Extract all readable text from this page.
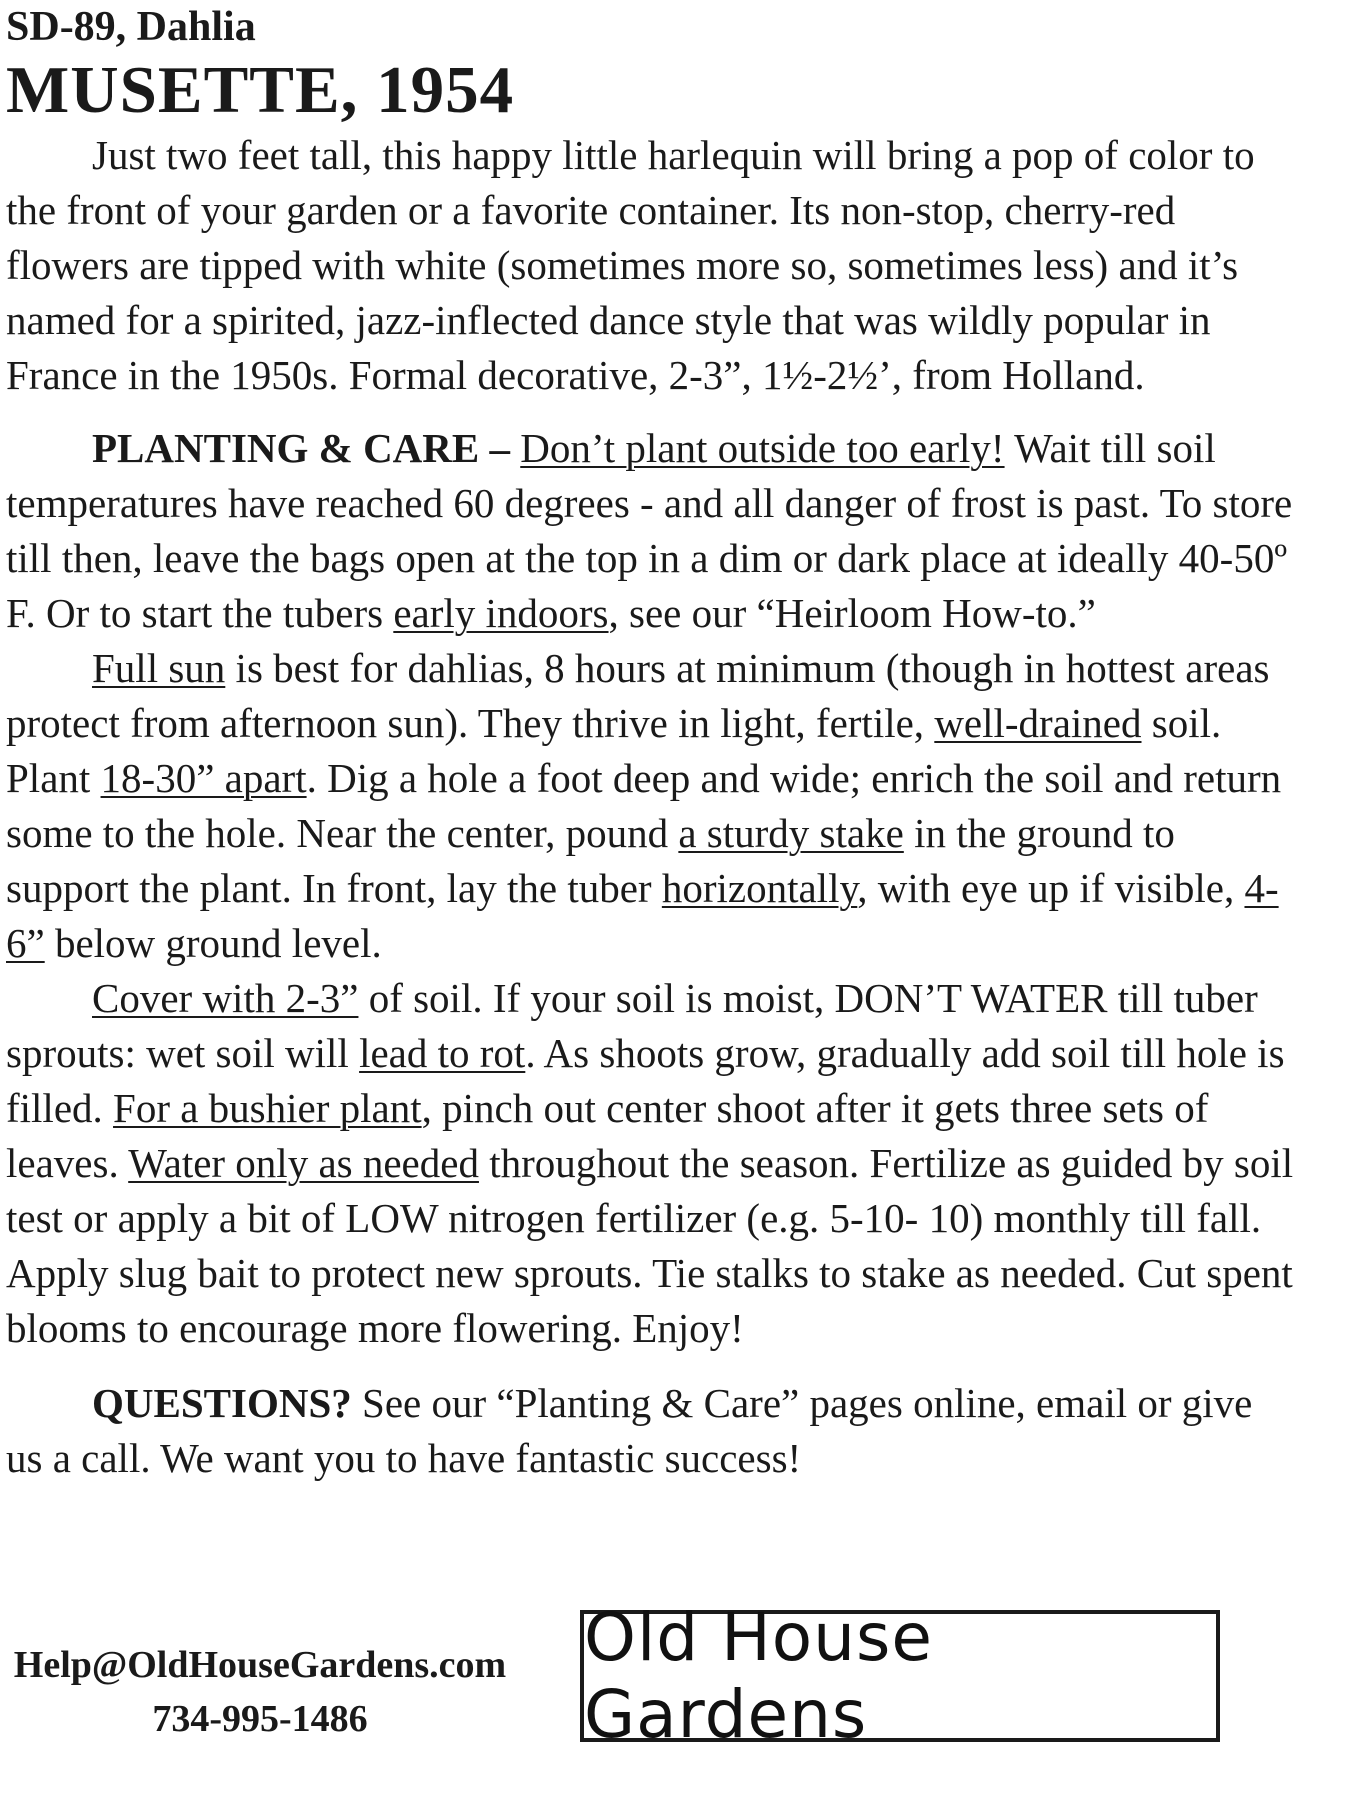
SD-89, Dahlia

MUSETTE, 1954

Just two feet tall, this happy little harlequin will bring a pop of color to the front of your garden or a favorite container. Its non-stop, cherry-red flowers are tipped with white (sometimes more so, sometimes less) and it’s named for a spirited, jazz-inflected dance style that was wildly popular in France in the 1950s. Formal decorative, 2-3”, 1½-2½’, from Holland.

PLANTING & CARE – Don’t plant outside too early! Wait till soil temperatures have reached 60 degrees - and all danger of frost is past. To store till then, leave the bags open at the top in a dim or dark place at ideally 40-50º F. Or to start the tubers early indoors, see our “Heirloom How-to.”

Full sun is best for dahlias, 8 hours at minimum (though in hottest areas protect from afternoon sun). They thrive in light, fertile, well-drained soil. Plant 18-30” apart. Dig a hole a foot deep and wide; enrich the soil and return some to the hole. Near the center, pound a sturdy stake in the ground to support the plant. In front, lay the tuber horizontally, with eye up if visible, 4-6” below ground level.

Cover with 2-3” of soil. If your soil is moist, DON’T WATER till tuber sprouts: wet soil will lead to rot. As shoots grow, gradually add soil till hole is filled. For a bushier plant, pinch out center shoot after it gets three sets of leaves. Water only as needed throughout the season. Fertilize as guided by soil test or apply a bit of LOW nitrogen fertilizer (e.g. 5-10- 10) monthly till fall. Apply slug bait to protect new sprouts. Tie stalks to stake as needed. Cut spent blooms to encourage more flowering. Enjoy!

QUESTIONS? See our “Planting & Care” pages online, email or give us a call. We want you to have fantastic success!

Help@OldHouseGardens.com
734-995-1486
Old House Gardens
